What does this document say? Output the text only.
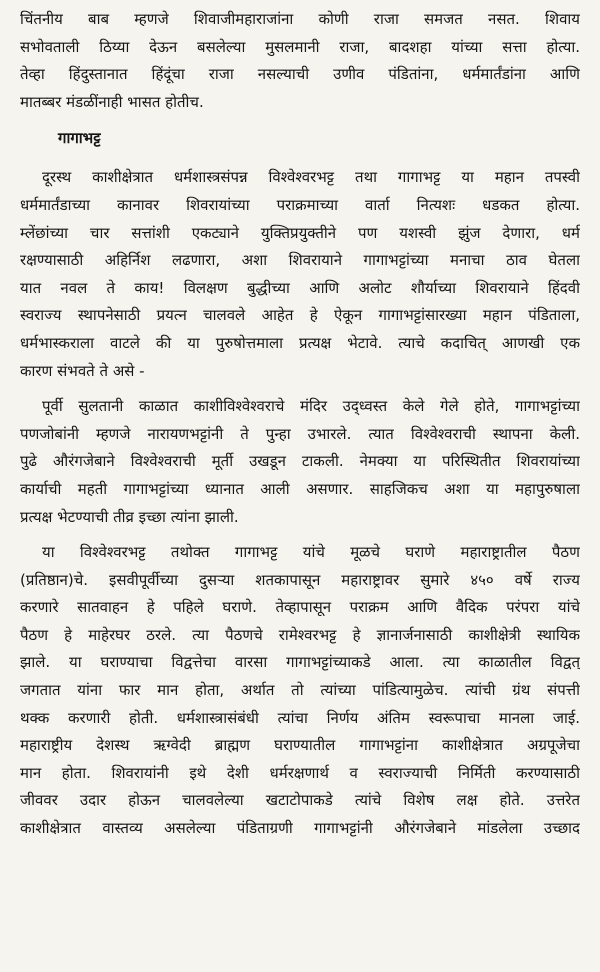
चिंतनीय बाब म्हणजे शिवाजीमहाराजांना कोणी राजा समजत नसत. शिवाय
सभोवताली ठिय्या देऊन बसलेल्या मुसलमानी राजा, बादशहा यांच्या सत्ता होत्या.
तेव्हा हिंदुस्तानात हिंदूंचा राजा नसल्याची उणीव पंडितांना, धर्ममार्तंडांना आणि
मातब्बर मंडळींनाही भासत होतीच.
गागाभट्ट
दूरस्थ काशीक्षेत्रात धर्मशास्त्रसंपन्न विश्वेश्वरभट्ट तथा गागाभट्ट या महान तपस्वी
धर्ममार्तंडाच्या कानावर शिवरायांच्या पराक्रमाच्या वार्ता नित्यशः धडकत होत्या.
म्लेंछांच्या चार सत्तांशी एकट्याने युक्तिप्रयुक्तीने पण यशस्वी झुंज देणारा, धर्म
रक्षण्यासाठी अहिर्निश लढणारा, अशा शिवरायाने गागाभट्टांच्या मनाचा ठाव घेतला
यात नवल ते काय! विलक्षण बुद्धीच्या आणि अलोट शौर्याच्या शिवरायाने हिंदवी
स्वराज्य स्थापनेसाठी प्रयत्न चालवले आहेत हे ऐकून गागाभट्टांसारख्या महान पंडिताला,
धर्मभास्कराला वाटले की या पुरुषोत्तमाला प्रत्यक्ष भेटावे. त्याचे कदाचित् आणखी एक
कारण संभवते ते असे -
पूर्वी सुलतानी काळात काशीविश्वेश्वराचे मंदिर उद्ध्वस्त केले गेले होते, गागाभट्टांच्या
पणजोबांनी म्हणजे नारायणभट्टांनी ते पुन्हा उभारले. त्यात विश्वेश्वराची स्थापना केली.
पुढे औरंगजेबाने विश्वेश्वराची मूर्ती उखडून टाकली. नेमक्या या परिस्थितीत शिवरायांच्या
कार्याची महती गागाभट्टांच्या ध्यानात आली असणार. साहजिकच अशा या महापुरुषाला
प्रत्यक्ष भेटण्याची तीव्र इच्छा त्यांना झाली.
या विश्वेश्वरभट्ट तथोक्त गागाभट्ट यांचे मूळचे घराणे महाराष्ट्रातील पैठण
(प्रतिष्ठान)चे. इसवीपूर्वीच्या दुसऱ्या शतकापासून महाराष्ट्रावर सुमारे ४५० वर्षे राज्य
करणारे सातवाहन हे पहिले घराणे. तेव्हापासून पराक्रम आणि वैदिक परंपरा यांचे
पैठण हे माहेरघर ठरले. त्या पैठणचे रामेश्वरभट्ट हे ज्ञानार्जनासाठी काशीक्षेत्री स्थायिक
झाले. या घराण्याचा विद्वत्तेचा वारसा गागाभट्टांच्याकडे आला. त्या काळातील विद्वत्
जगतात यांना फार मान होता, अर्थात तो त्यांच्या पांडित्यामुळेच. त्यांची ग्रंथ संपत्ती
थक्क करणारी होती. धर्मशास्त्रासंबंधी त्यांचा निर्णय अंतिम स्वरूपाचा मानला जाई.
महाराष्ट्रीय देशस्थ ऋग्वेदी ब्राह्मण घराण्यातील गागाभट्टांना काशीक्षेत्रात अग्रपूजेचा
मान होता. शिवरायांनी इथे देशी धर्मरक्षणार्थ व स्वराज्याची निर्मिती करण्यासाठी
जीववर उदार होऊन चालवलेल्या खटाटोपाकडे त्यांचे विशेष लक्ष होते. उत्तरेत
काशीक्षेत्रात वास्तव्य असलेल्या पंडिताग्रणी गागाभट्टांनी औरंगजेबाने मांडलेला उच्छाद
